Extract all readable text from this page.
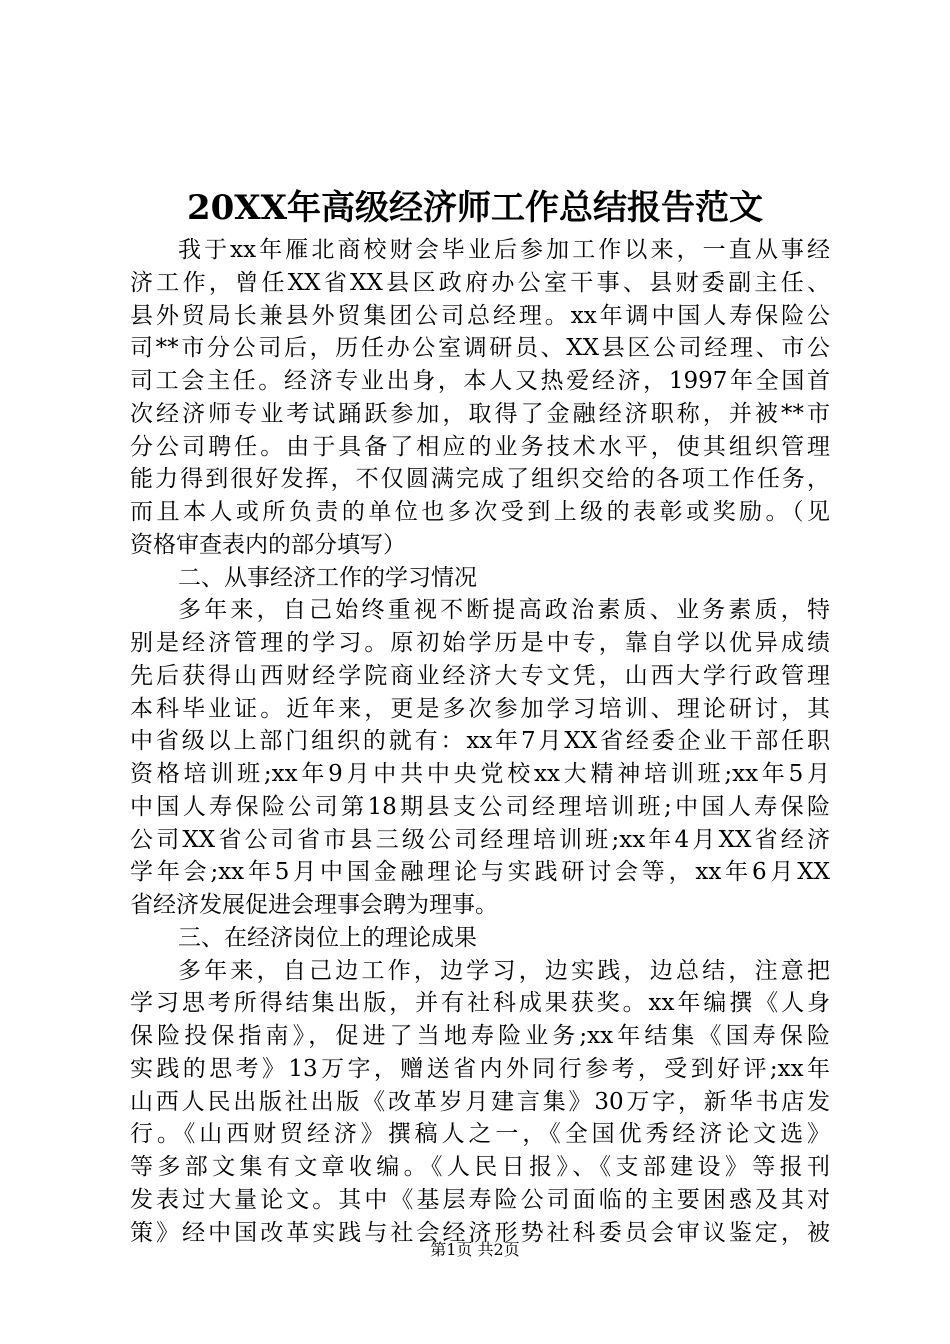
20XX年高级经济师工作总结报告范文
我于xx年雁北商校财会毕业后参加工作以来，一直从事经
济工作，曾任XX省XX县区政府办公室干事、县财委副主任、
县外贸局长兼县外贸集团公司总经理。xx年调中国人寿保险公
司**市分公司后，历任办公室调研员、XX县区公司经理、市公
司工会主任。经济专业出身，本人又热爱经济，1997年全国首
次经济师专业考试踊跃参加，取得了金融经济职称，并被**市
分公司聘任。由于具备了相应的业务技术水平，使其组织管理
能力得到很好发挥，不仅圆满完成了组织交给的各项工作任务，
而且本人或所负责的单位也多次受到上级的表彰或奖励。（见
资格审查表内的部分填写）
二、从事经济工作的学习情况
多年来，自己始终重视不断提高政治素质、业务素质，特
别是经济管理的学习。原初始学历是中专，靠自学以优异成绩
先后获得山西财经学院商业经济大专文凭，山西大学行政管理
本科毕业证。近年来，更是多次参加学习培训、理论研讨，其
中省级以上部门组织的就有：xx年7月XX省经委企业干部任职
资格培训班;xx年9月中共中央党校xx大精神培训班;xx年5月
中国人寿保险公司第18期县支公司经理培训班;中国人寿保险
公司XX省公司省市县三级公司经理培训班;xx年4月XX省经济
学年会;xx年5月中国金融理论与实践研讨会等，xx年6月XX
省经济发展促进会理事会聘为理事。
三、在经济岗位上的理论成果
多年来，自己边工作，边学习，边实践，边总结，注意把
学习思考所得结集出版，并有社科成果获奖。xx年编撰《人身
保险投保指南》，促进了当地寿险业务;xx年结集《国寿保险
实践的思考》13万字，赠送省内外同行参考，受到好评;xx年
山西人民出版社出版《改革岁月建言集》30万字，新华书店发
行。《山西财贸经济》撰稿人之一，《全国优秀经济论文选》
等多部文集有文章收编。《人民日报》、《支部建设》等报刊
发表过大量论文。其中《基层寿险公司面临的主要困惑及其对
策》经中国改革实践与社会经济形势社科委员会审议鉴定，被
第1页 共2页
